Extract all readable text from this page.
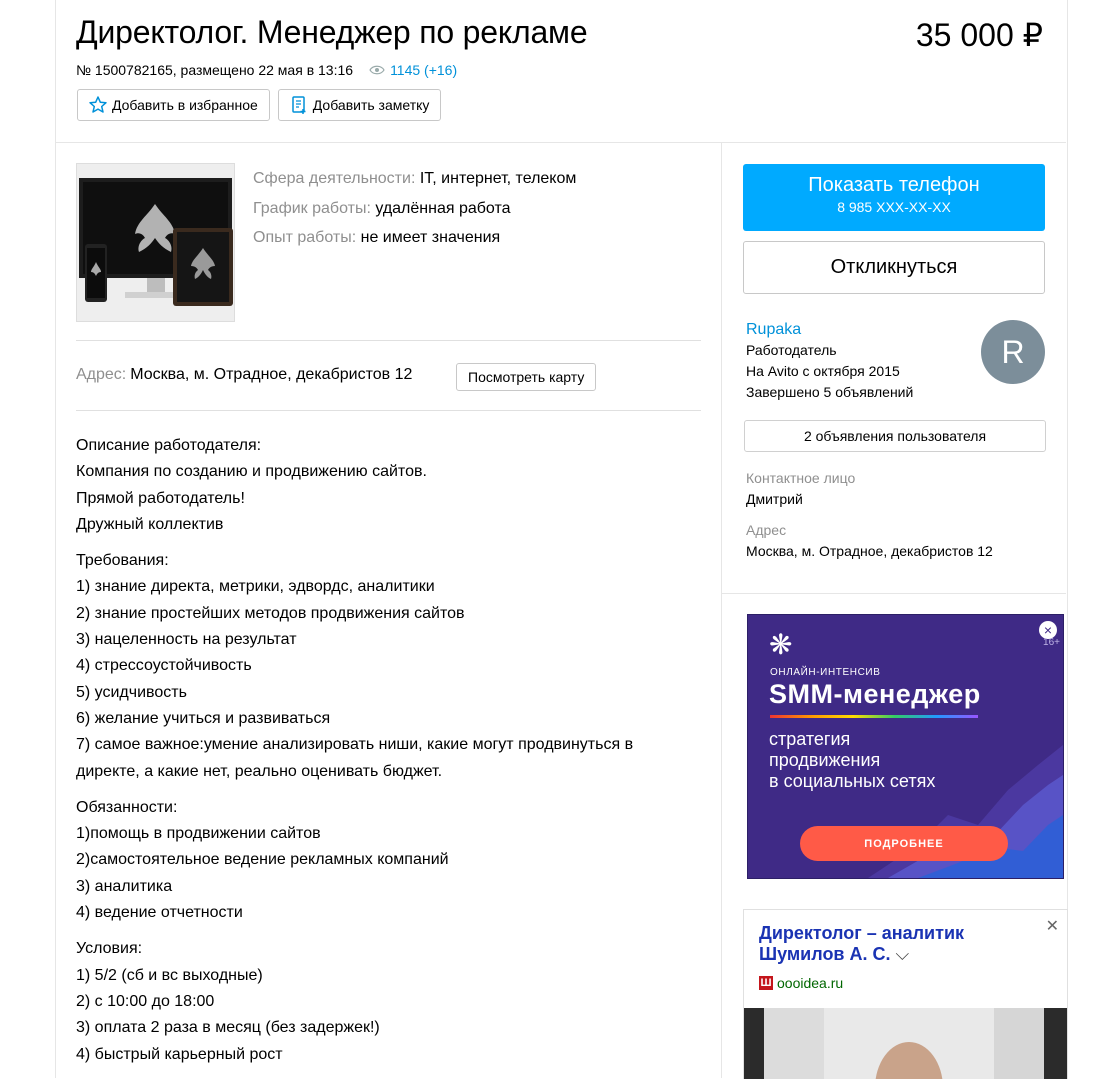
Директолог. Менеджер по рекламе	35 000 ₽
№ 1500782165, размещено 22 мая в 13:16	1145 (+16)
Добавить в избранное	Добавить заметку
Сфера деятельности: IT, интернет, телеком
График работы: удалённая работа
Опыт работы: не имеет значения
Адрес: Москва, м. Отрадное, декабристов 12	Посмотреть карту
Описание работодателя:
Компания по созданию и продвижению сайтов.
Прямой работодатель!
Дружный коллектив
Требования:
1) знание директа, метрики, эдвордс, аналитики
2) знание простейших методов продвижения сайтов
3) нацеленность на результат
4) стрессоустойчивость
5) усидчивость
6) желание учиться и развиваться
7) самое важное:умение анализировать ниши, какие могут продвинуться в директе, а какие нет, реально оценивать бюджет.
Обязанности:
1)помощь в продвижении сайтов
2)самостоятельное ведение рекламных компаний
3) аналитика
4) ведение отчетности
Условия:
1) 5/2 (сб и вс выходные)
2) с 10:00 до 18:00
3) оплата 2 раза в месяц (без задержек!)
4) быстрый карьерный рост
Показать телефон
8 985 XXX-XX-XX
Откликнуться
Rupaka
Работодатель
На Avito с октября 2015
Завершено 5 объявлений
R
2 объявления пользователя
Контактное лицо
Дмитрий
Адрес
Москва, м. Отрадное, декабристов 12
❋
ОНЛАЙН-ИНТЕНСИВ
SMM-менеджер
стратегия
продвижения
в социальных сетях
ПОДРОБНЕЕ
×
16+
Директолог – аналитик Шумилов А. С. ⌵
✕
Ш oooidea.ru
